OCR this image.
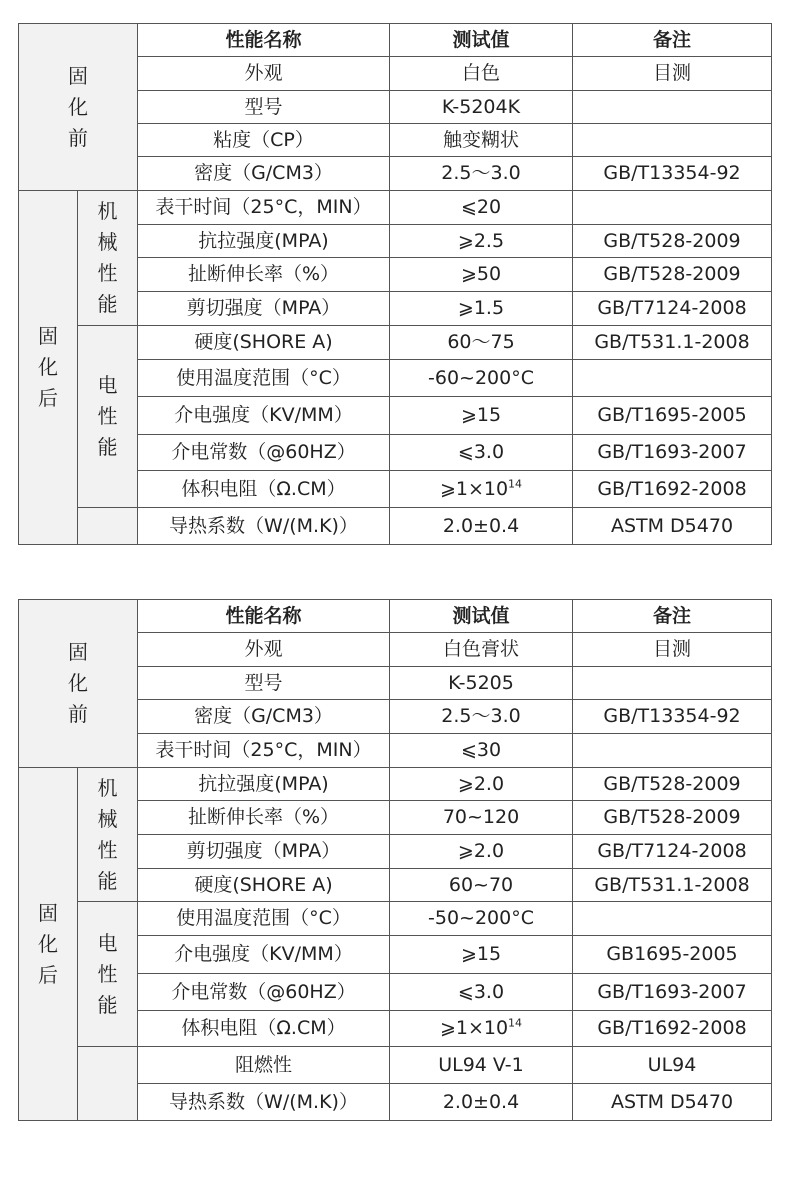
固化前		性能名称	测试值	备注
		外观	白色	目测
		型号	K-5204K	
		粘度（CP）	触变糊状	
		密度（G/CM3）	2.5～3.0	GB/T13354-92
固化后	机械性能	表干时间（25°C，MIN）	⩽20	
		抗拉强度(MPA)	⩾2.5	GB/T528-2009
		扯断伸长率（%）	⩾50	GB/T528-2009
		剪切强度（MPA）	⩾1.5	GB/T7124-2008
	电性能	硬度(SHORE A)	60～75	GB/T531.1-2008
		使用温度范围（°C）	-60~200°C	
		介电强度（KV/MM）	⩾15	GB/T1695-2005
		介电常数（@60HZ）	⩽3.0	GB/T1693-2007
		体积电阻（Ω.CM）	$⩾1\times 10^{14}$	GB/T1692-2008
		导热系数（W/(M.K)）	2.0±0.4	ASTM D5470
固化前		性能名称	测试值	备注
		外观	白色膏状	目测
		型号	K-5205	
		密度（G/CM3）	2.5～3.0	GB/T13354-92
		表干时间（25°C，MIN）	⩽30	
固化后	机械性能	抗拉强度(MPA)	⩾2.0	GB/T528-2009
		扯断伸长率（%）	70~120	GB/T528-2009
		剪切强度（MPA）	⩾2.0	GB/T7124-2008
		硬度(SHORE A)	60~70	GB/T531.1-2008
	电性能	使用温度范围（°C）	-50~200°C	
		介电强度（KV/MM）	⩾15	GB1695-2005
		介电常数（@60HZ）	⩽3.0	GB/T1693-2007
		体积电阻（Ω.CM）	$⩾1\times 10^{14}$	GB/T1692-2008
		阻燃性	UL94 V-1	UL94
		导热系数（W/(M.K)）	2.0±0.4	ASTM D5470
